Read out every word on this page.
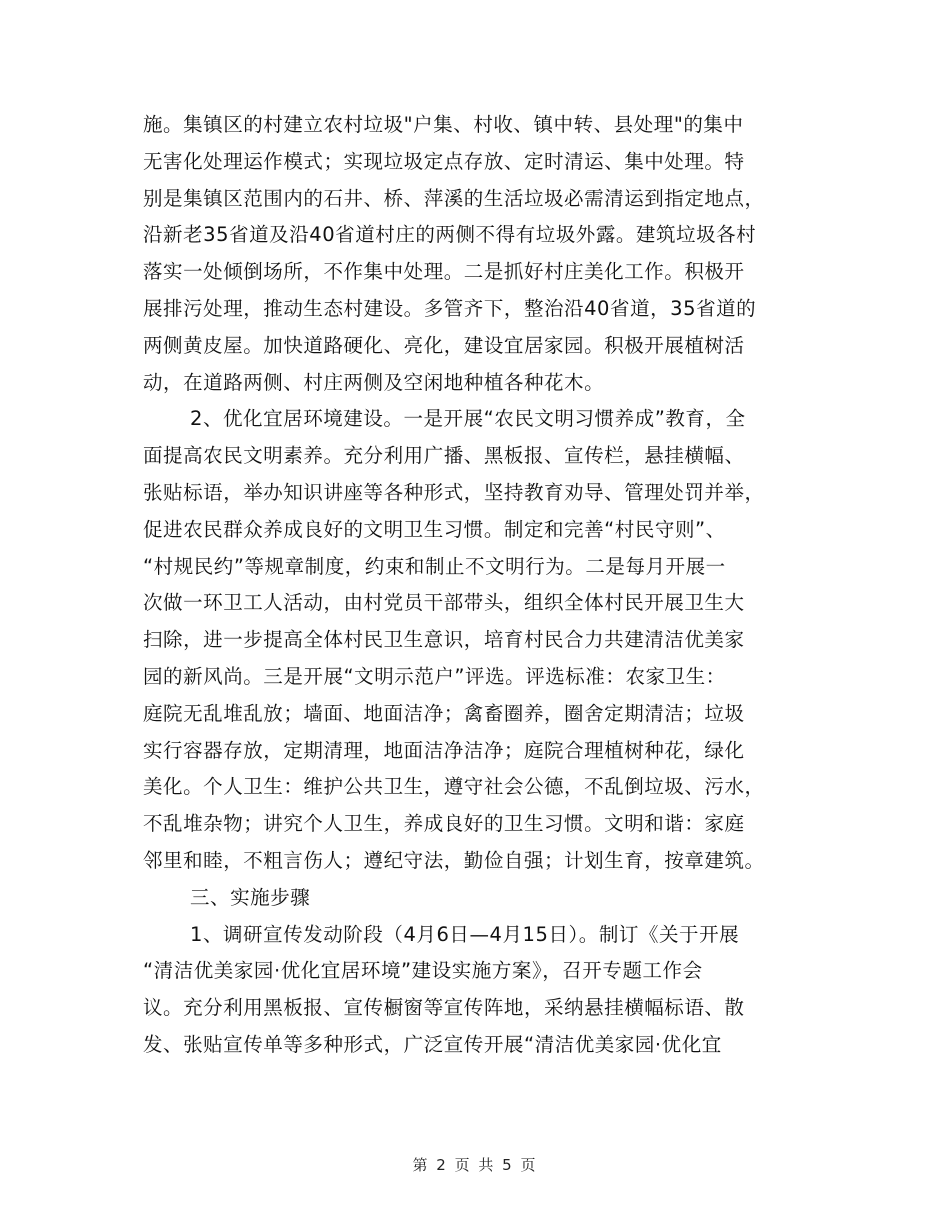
施。集镇区的村建立农村垃圾"户集、村收、镇中转、县处理"的集中
无害化处理运作模式；实现垃圾定点存放、定时清运、集中处理。特
别是集镇区范围内的石井、桥、萍溪的生活垃圾必需清运到指定地点，
沿新老35省道及沿40省道村庄的两侧不得有垃圾外露。建筑垃圾各村
落实一处倾倒场所，不作集中处理。二是抓好村庄美化工作。积极开
展排污处理，推动生态村建设。多管齐下，整治沿40省道，35省道的
两侧黄皮屋。加快道路硬化、亮化，建设宜居家园。积极开展植树活
动，在道路两侧、村庄两侧及空闲地种植各种花木。
2、优化宜居环境建设。一是开展“农民文明习惯养成”教育，全
面提高农民文明素养。充分利用广播、黑板报、宣传栏，悬挂横幅、
张贴标语，举办知识讲座等各种形式，坚持教育劝导、管理处罚并举，
促进农民群众养成良好的文明卫生习惯。制定和完善“村民守则”、
“村规民约”等规章制度，约束和制止不文明行为。二是每月开展一
次做一环卫工人活动，由村党员干部带头，组织全体村民开展卫生大
扫除，进一步提高全体村民卫生意识，培育村民合力共建清洁优美家
园的新风尚。三是开展“文明示范户”评选。评选标准：农家卫生：
庭院无乱堆乱放；墙面、地面洁净；禽畜圈养，圈舍定期清洁；垃圾
实行容器存放，定期清理，地面洁净洁净；庭院合理植树种花，绿化
美化。个人卫生：维护公共卫生，遵守社会公德，不乱倒垃圾、污水，
不乱堆杂物；讲究个人卫生，养成良好的卫生习惯。文明和谐：家庭
邻里和睦，不粗言伤人；遵纪守法，勤俭自强；计划生育，按章建筑。
三、实施步骤
1、调研宣传发动阶段（4月6日—4月15日）。制订《关于开展
“清洁优美家园·优化宜居环境”建设实施方案》，召开专题工作会
议。充分利用黑板报、宣传橱窗等宣传阵地，采纳悬挂横幅标语、散
发、张贴宣传单等多种形式，广泛宣传开展“清洁优美家园·优化宜
第 2 页 共 5 页
